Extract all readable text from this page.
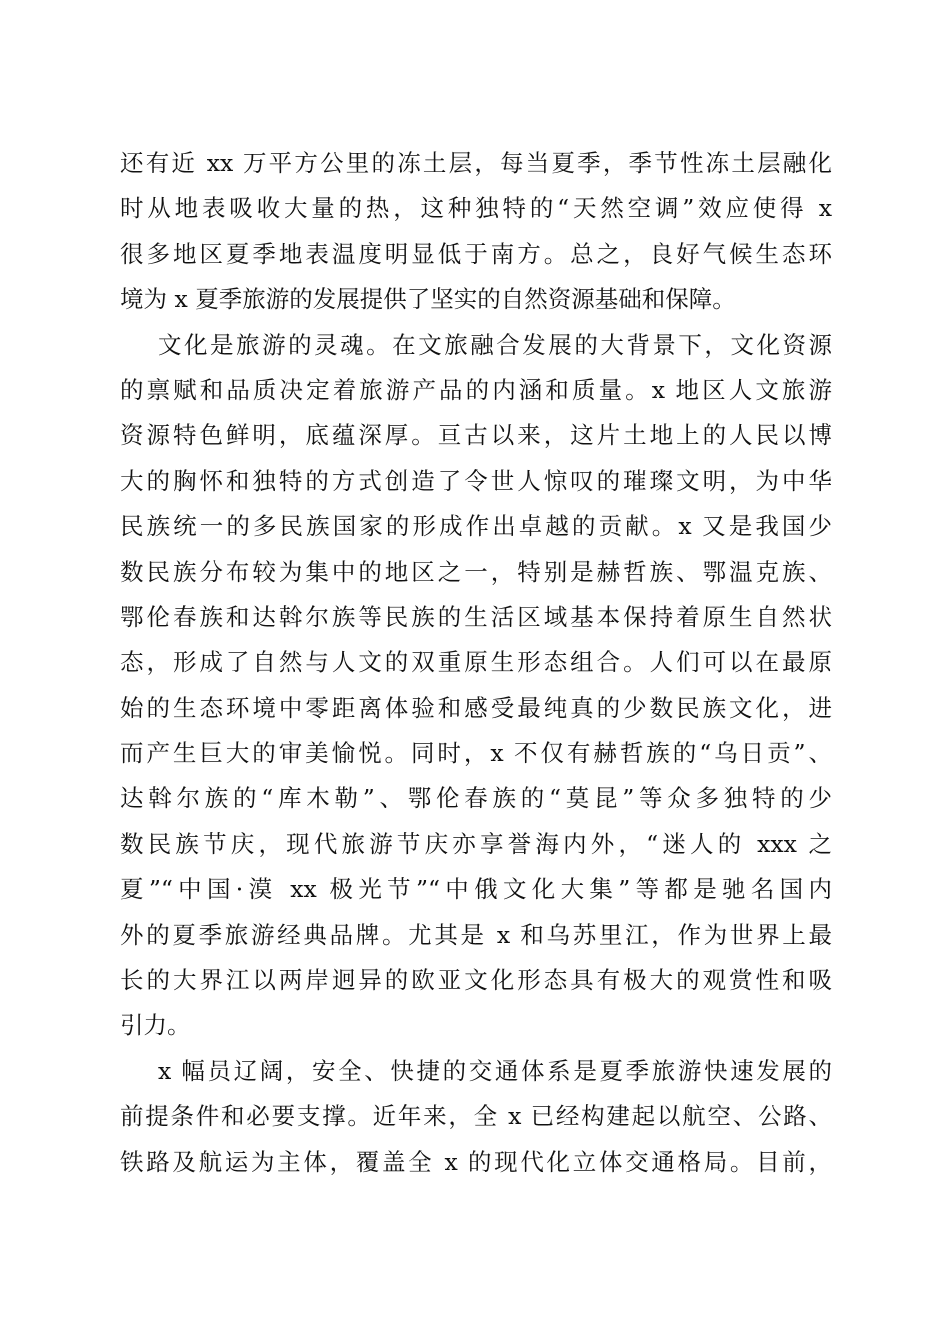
还有近 xx 万平方公里的冻土层，每当夏季，季节性冻土层融化
时从地表吸收大量的热，这种独特的“天然空调”效应使得 x
很多地区夏季地表温度明显低于南方。总之，良好气候生态环
境为 x 夏季旅游的发展提供了坚实的自然资源基础和保障。
文化是旅游的灵魂。在文旅融合发展的大背景下，文化资源
的禀赋和品质决定着旅游产品的内涵和质量。x 地区人文旅游
资源特色鲜明，底蕴深厚。亘古以来，这片土地上的人民以博
大的胸怀和独特的方式创造了令世人惊叹的璀璨文明，为中华
民族统一的多民族国家的形成作出卓越的贡献。x 又是我国少
数民族分布较为集中的地区之一，特别是赫哲族、鄂温克族、
鄂伦春族和达斡尔族等民族的生活区域基本保持着原生自然状
态，形成了自然与人文的双重原生形态组合。人们可以在最原
始的生态环境中零距离体验和感受最纯真的少数民族文化，进
而产生巨大的审美愉悦。同时，x 不仅有赫哲族的“乌日贡”、
达斡尔族的“库木勒”、鄂伦春族的“莫昆”等众多独特的少
数民族节庆，现代旅游节庆亦享誉海内外，“迷人的 xxx 之
夏”“中国·漠 xx 极光节”“中俄文化大集”等都是驰名国内
外的夏季旅游经典品牌。尤其是 x 和乌苏里江，作为世界上最
长的大界江以两岸迥异的欧亚文化形态具有极大的观赏性和吸
引力。
x 幅员辽阔，安全、快捷的交通体系是夏季旅游快速发展的
前提条件和必要支撑。近年来，全 x 已经构建起以航空、公路、
铁路及航运为主体，覆盖全 x 的现代化立体交通格局。目前，
